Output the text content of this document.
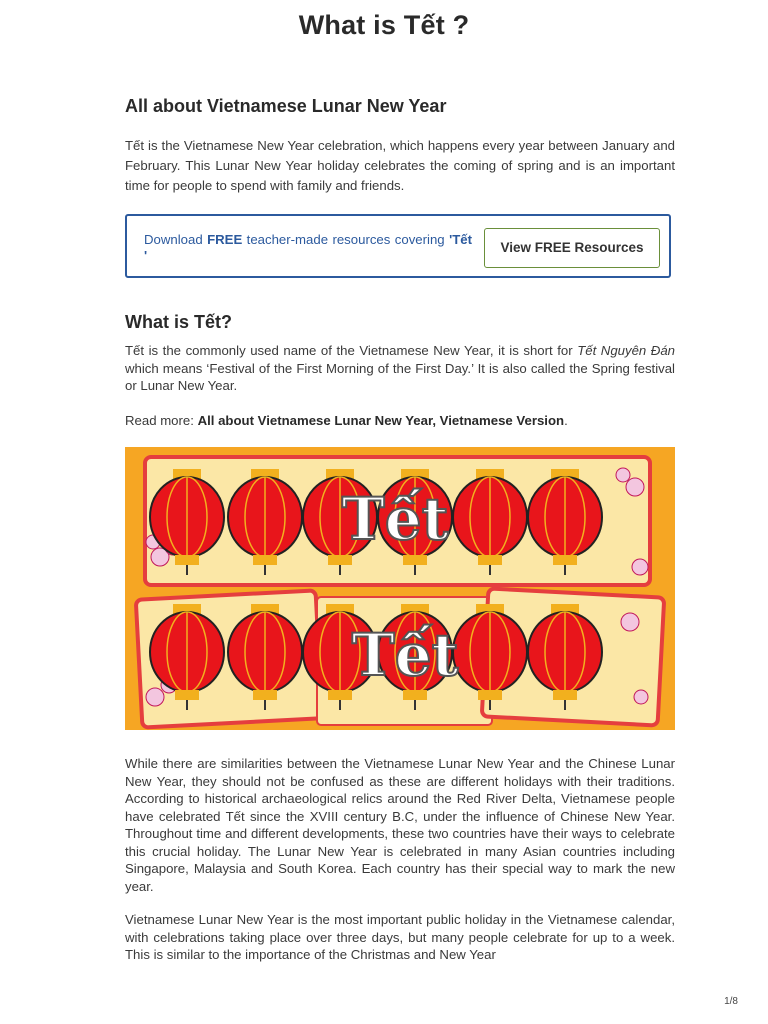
What is Tết ?
All about Vietnamese Lunar New Year
Tết is the Vietnamese New Year celebration, which happens every year between January and February. This Lunar New Year holiday celebrates the coming of spring and is an important time for people to spend with family and friends.
Download FREE teacher-made resources covering 'Tết '
View FREE Resources
What is Tết?
Tết is the commonly used name of the Vietnamese New Year, it is short for Tết Nguyên Đán which means ‘Festival of the First Morning of the First Day.’ It is also called the Spring festival or Lunar New Year.
Read more: All about Vietnamese Lunar New Year, Vietnamese Version.
Tết
Tết
While there are similarities between the Vietnamese Lunar New Year and the Chinese Lunar New Year, they should not be confused as these are different holidays with their traditions. According to historical archaeological relics around the Red River Delta, Vietnamese people have celebrated Tết since the XVIII century B.C, under the influence of Chinese New Year. Throughout time and different developments, these two countries have their ways to celebrate this crucial holiday. The Lunar New Year is celebrated in many Asian countries including Singapore, Malaysia and South Korea. Each country has their special way to mark the new year.
Vietnamese Lunar New Year is the most important public holiday in the Vietnamese calendar, with celebrations taking place over three days, but many people celebrate for up to a week. This is similar to the importance of the Christmas and New Year
1/8
